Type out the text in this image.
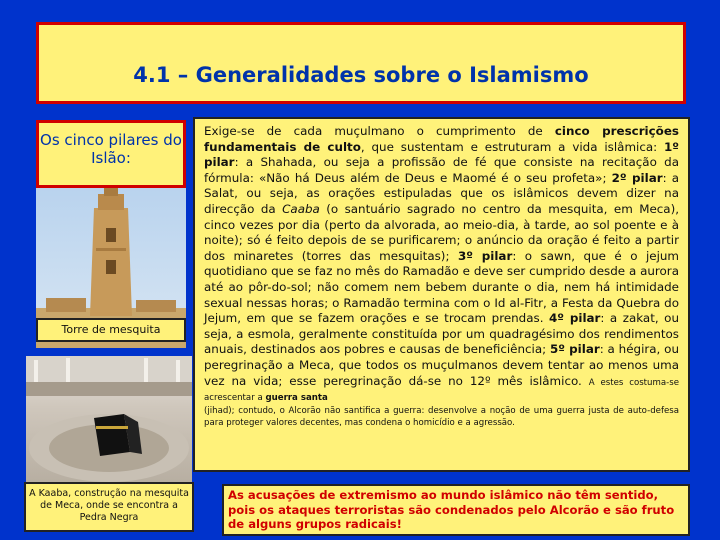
4.1 – Generalidades sobre o Islamismo
Os cinco pilares do Islão:
Torre de mesquita
A Kaaba, construção na mesquita de Meca, onde se encontra a Pedra Negra

Exige-se de cada muçulmano o cumprimento de cinco prescrições fundamentais de culto, que sustentam e estruturam a vida islâmica: 1º pilar: a Shahada, ou seja a profissão de fé que consiste na recitação da fórmula: «Não há Deus além de Deus e Maomé é o seu profeta»; 2º pilar: a Salat, ou seja, as orações estipuladas que os islâmicos devem dizer na direcção da Caaba (o santuário sagrado no centro da mesquita, em Meca), cinco vezes por dia (perto da alvorada, ao meio-dia, à tarde, ao sol poente e à noite); só é feito depois de se purificarem; o anúncio da oração é feito a partir dos minaretes (torres das mesquitas); 3º pilar: o sawn, que é o jejum quotidiano que se faz no mês do Ramadão e deve ser cumprido desde a aurora até ao pôr-do-sol; não comem nem bebem durante o dia, nem há intimidade sexual nessas horas; o Ramadão termina com o Id al-Fitr, a Festa da Quebra do Jejum, em que se fazem orações e se trocam prendas. 4º pilar: a zakat, ou seja, a esmola, geralmente constituída por um quadragésimo dos rendimentos anuais, destinados aos pobres e causas de beneficiência; 5º pilar: a hégira, ou peregrinação a Meca, que todos os muçulmanos devem tentar ao menos uma vez na vida; esse peregrinação dá-se no 12º mês islâmico. A estes costuma-se acrescentar a guerra santa

(jihad); contudo, o Alcorão não santifica a guerra: desenvolve a noção de uma guerra justa de auto-defesa para proteger valores decentes, mas condena o homicídio e a agressão.

As acusações de extremismo ao mundo islâmico não têm sentido, pois os ataques terroristas são condenados pelo Alcorão e são fruto de alguns grupos radicais!
